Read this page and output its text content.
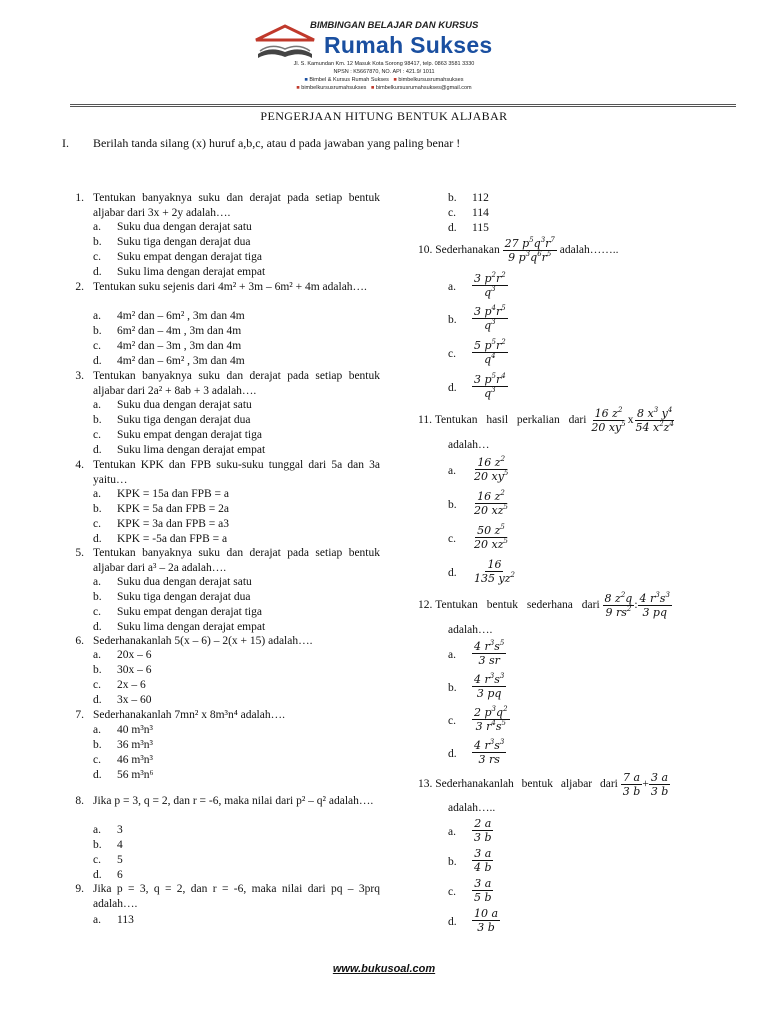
BIMBINGAN BELAJAR DAN KURSUS
Rumah Sukses
Jl. S. Kamundan Km. 12 Masuk Kota Sorong 98417, telp. 0863 3581 3330
NPSN : K5667870, NO. API : 421.9/ 1011
■ Bimbel & Kursus Rumah Sukses ■ bimbelkursusrumahsukses
■ bimbelkursusrumahsukses ■ bimbelkursusrumahsukses@gmail.com
PENGERJAAN HITUNG BENTUK ALJABAR
I. Berilah tanda silang (x) huruf a,b,c, atau d pada jawaban yang paling benar !
1. Tentukan banyaknya suku dan derajat pada setiap bentuk aljabar dari 3x + 2y adalah….
a.	Suku dua dengan derajat satu
b.	Suku tiga dengan derajat dua
c.	Suku empat dengan derajat tiga
d.	Suku lima dengan derajat empat
2. Tentukan suku sejenis dari 4m² + 3m – 6m² + 4m adalah….
a.	4m² dan – 6m² , 3m dan 4m
b.	6m² dan – 4m , 3m dan 4m
c.	4m² dan – 3m , 3m dan 4m
d.	4m² dan – 6m² , 3m dan 4m
3. Tentukan banyaknya suku dan derajat pada setiap bentuk aljabar dari 2a² + 8ab + 3 adalah….
a.	Suku dua dengan derajat satu
b.	Suku tiga dengan derajat dua
c.	Suku empat dengan derajat tiga
d.	Suku lima dengan derajat empat
4. Tentukan KPK dan FPB suku-suku tunggal dari 5a dan 3a yaitu…
a.	KPK = 15a dan FPB = a
b.	KPK = 5a dan FPB = 2a
c.	KPK = 3a dan FPB = a3
d.	KPK = -5a dan FPB = a
5. Tentukan banyaknya suku dan derajat pada setiap bentuk aljabar dari a³ – 2a adalah….
a.	Suku dua dengan derajat satu
b.	Suku tiga dengan derajat dua
c.	Suku empat dengan derajat tiga
d.	Suku lima dengan derajat empat
6. Sederhanakanlah 5(x – 6) – 2(x + 15) adalah….
a.	20x – 6
b.	30x – 6
c.	2x – 6
d.	3x – 60
7. Sederhanakanlah 7mn² x 8m³n⁴ adalah….
a.	40 m³n³
b.	36 m³n³
c.	46 m³n³
d.	56 m³n⁶
8. Jika p = 3, q = 2, dan r = -6, maka nilai dari p² – q² adalah….
a.	3
b.	4
c.	5
d.	6
9. Jika p = 3, q = 2, dan r = -6, maka nilai dari pq – 3prq adalah….
a.	113
b.	112
c.	114
d.	115
10. Sederhanakan $\frac{27 p^5q^3r^7}{9 p^3q^6r^5}$ adalah……..
a.	$\frac{3 p^2r^2}{q^3}$
b.	$\frac{3 p^4r^5}{q^3}$
c.	$\frac{5 p^5r^2}{q^4}$
d.	$\frac{3 p^5r^4}{q^3}$
11. Tentukan hasil perkalian dari $\frac{16 z^2}{20 xy^5}$ x $\frac{8 x^3 y^4}{54 x^2z^4}$
adalah…
a.	$\frac{16 z^2}{20 xy^5}$
b.	$\frac{16 z^2}{20 xz^5}$
c.	$\frac{50 z^5}{20 xz^5}$
d.	$\frac{16}{135 yz^2}$
12. Tentukan bentuk sederhana dari $\frac{8 z^2q}{9 rs^2}$ : $\frac{4 r^3s^3}{3 pq}$
adalah….
a.	$\frac{4 r^3s^5}{3 sr}$
b.	$\frac{4 r^3s^3}{3 pq}$
c.	$\frac{2 p^3q^2}{3 r^4s^5}$
d.	$\frac{4 r^3s^3}{3 rs}$
13. Sederhanakanlah bentuk aljabar dari $\frac{7 a}{3 b} + \frac{3 a}{3 b}$
adalah…..
a.	$\frac{2 a}{3 b}$
b.	$\frac{3 a}{4 b}$
c.	$\frac{3 a}{5 b}$
d.	$\frac{10 a}{3 b}$
www.bukusoal.com
